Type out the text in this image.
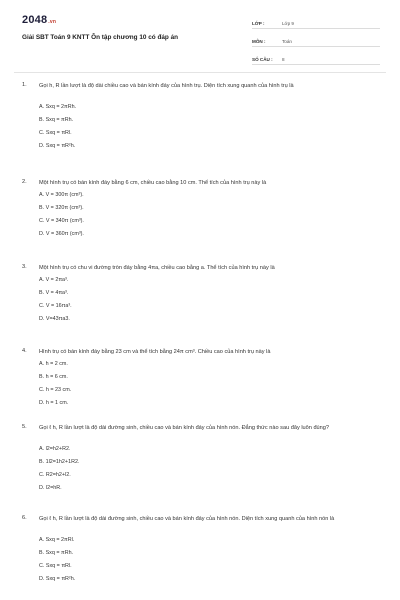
2048.vn
Giải SBT Toán 9 KNTT Ôn tập chương 10 có đáp án
LỚP :	Lớp 9
MÔN :	Toán
SỐ CÂU :	8
1. Gọi h, R lần lượt là độ dài chiều cao và bán kính đáy của hình trụ. Diện tích xung quanh của hình trụ là
A. Sxq = 2πRh.
B. Sxq = πRh.
C. Sxq = πRl.
D. Sxq = πR²h.
2. Một hình trụ có bán kính đáy bằng 6 cm, chiều cao bằng 10 cm. Thể tích của hình trụ này là
A. V = 300π (cm³).
B. V = 320π (cm³).
C. V = 340π (cm³).
D. V = 360π (cm³).
3. Một hình trụ có chu vi đường tròn đáy bằng 4πa, chiều cao bằng a. Thể tích của hình trụ này là
A. V = 2πa³.
B. V = 4πa³.
C. V = 16πa³.
D. V=43πa3.
4. Hình trụ có bán kính đáy bằng 23 cm và thể tích bằng 24π cm³. Chiều cao của hình trụ này là
A. h = 2 cm.
B. h = 6 cm.
C. h = 23 cm.
D. h = 1 cm.
5. Gọi ℓ h, R lần lượt là độ dài đường sinh, chiều cao và bán kính đáy của hình nón. Đẳng thức nào sau đây luôn đúng?
A. l2=h2+R2.
B. 1l2=1h2+1R2.
C. R2=h2+l2.
D. l2=hR.
6. Gọi ℓ h, R lần lượt là độ dài đường sinh, chiều cao và bán kính đáy của hình nón. Diện tích xung quanh của hình nón là
A. Sxq = 2πRl.
B. Sxq = πRh.
C. Sxq = πRl.
D. Sxq = πR²h.
